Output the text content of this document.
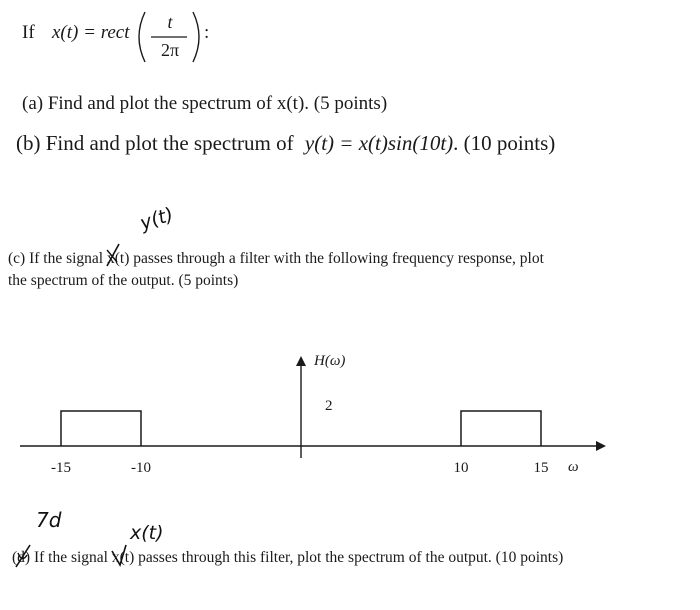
If x(t) = rect	t
2π
:
(a) Find and plot the spectrum of x(t). (5 points)
(b) Find and plot the spectrum of y(t) = x(t)sin(10t). (10 points)
y(t)
(c) If the signal x(t) passes through a filter with the following frequency response, plot
the spectrum of the output. (5 points)
H(ω)
2
ω
-15	-10	10	15
7d
x(t)
(d) If the signal x(t) passes through this filter, plot the spectrum of the output. (10 points)
